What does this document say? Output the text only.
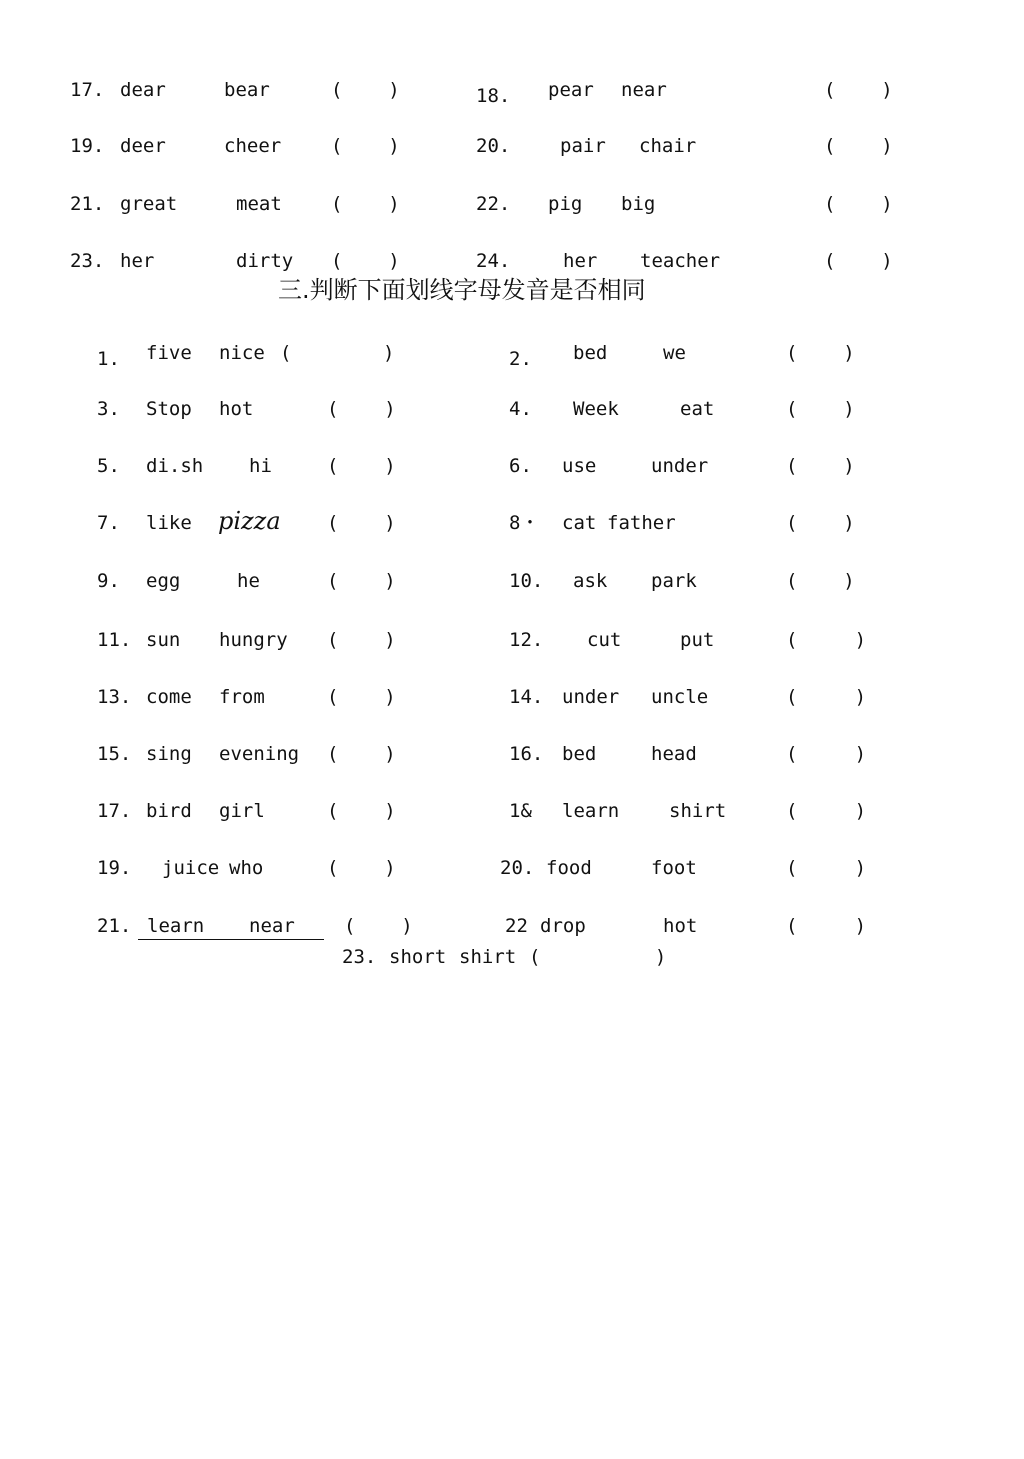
17. dear	bear	(    )	18. pear near	(    )
19. deer	cheer	(    )	20.	pair chair	(    )
21. great	meat	(    )	22. pig big	(    )
23. her	dirty (    )	24.	her teacher	(    )
三.判断下面划线字母发音是否相同
1. five nice (        )	2. bed	we	(    )
3. Stop hot	(    )	4. Week	eat	(    )
5. di.sh hi	(    )	6. use	under	(    )
7. like pizza (    )	8・ cat father	(    )
9. egg	he	(    )	10. ask park	(    )
11. sun hungry (    )	12. cut	put	(     )
13. come from	(    )	14. under uncle	(     )
15. sing evening (    )	16. bed	head	(     )
17. bird girl	(    )	1& learn	shirt	(     )
19. juice who	(    )	20. food	foot	(     )
21. learn near	(    )	22 drop	hot	(     )
23. short shirt (          )
